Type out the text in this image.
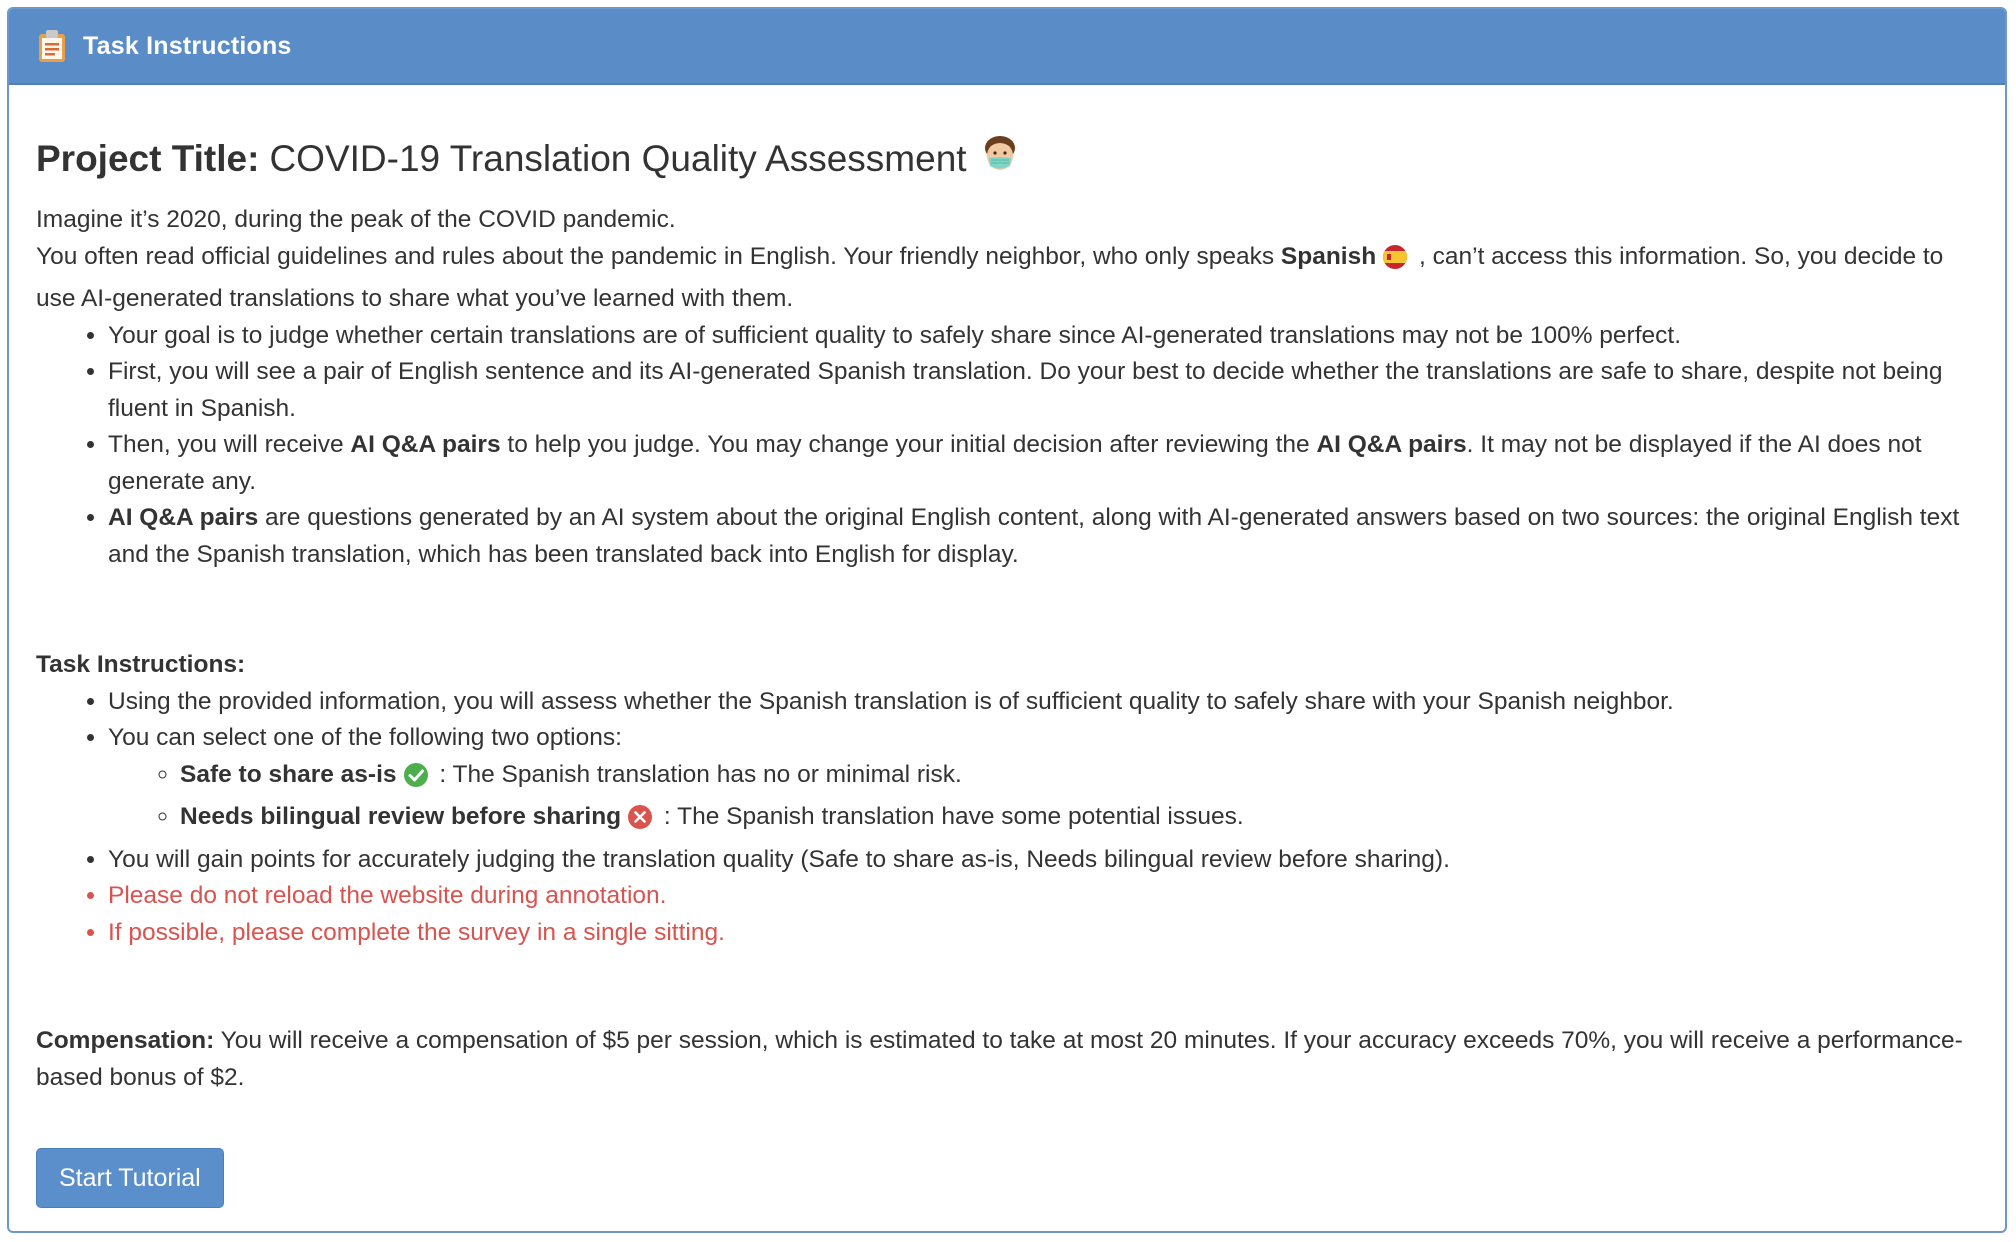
Task Instructions
Project Title: COVID-19 Translation Quality Assessment

Imagine it’s 2020, during the peak of the COVID pandemic.

You often read official guidelines and rules about the pandemic in English. Your friendly neighbor, who only speaks Spanish , can’t access this information. So, you decide to use AI-generated translations to share what you’ve learned with them.

• Your goal is to judge whether certain translations are of sufficient quality to safely share since AI-generated translations may not be 100% perfect.
• First, you will see a pair of English sentence and its AI-generated Spanish translation. Do your best to decide whether the translations are safe to share, despite not being fluent in Spanish.
• Then, you will receive AI Q&A pairs to help you judge. You may change your initial decision after reviewing the AI Q&A pairs. It may not be displayed if the AI does not generate any.
• AI Q&A pairs are questions generated by an AI system about the original English content, along with AI-generated answers based on two sources: the original English text and the Spanish translation, which has been translated back into English for display.

Task Instructions:

• Using the provided information, you will assess whether the Spanish translation is of sufficient quality to safely share with your Spanish neighbor.
• You can select one of the following two options:
◦ Safe to share as-is : The Spanish translation has no or minimal risk.
◦ Needs bilingual review before sharing : The Spanish translation have some potential issues.
• You will gain points for accurately judging the translation quality (Safe to share as-is, Needs bilingual review before sharing).
• Please do not reload the website during annotation.
• If possible, please complete the survey in a single sitting.

Compensation: You will receive a compensation of $5 per session, which is estimated to take at most 20 minutes. If your accuracy exceeds 70%, you will receive a performance-based bonus of $2.

Start Tutorial
